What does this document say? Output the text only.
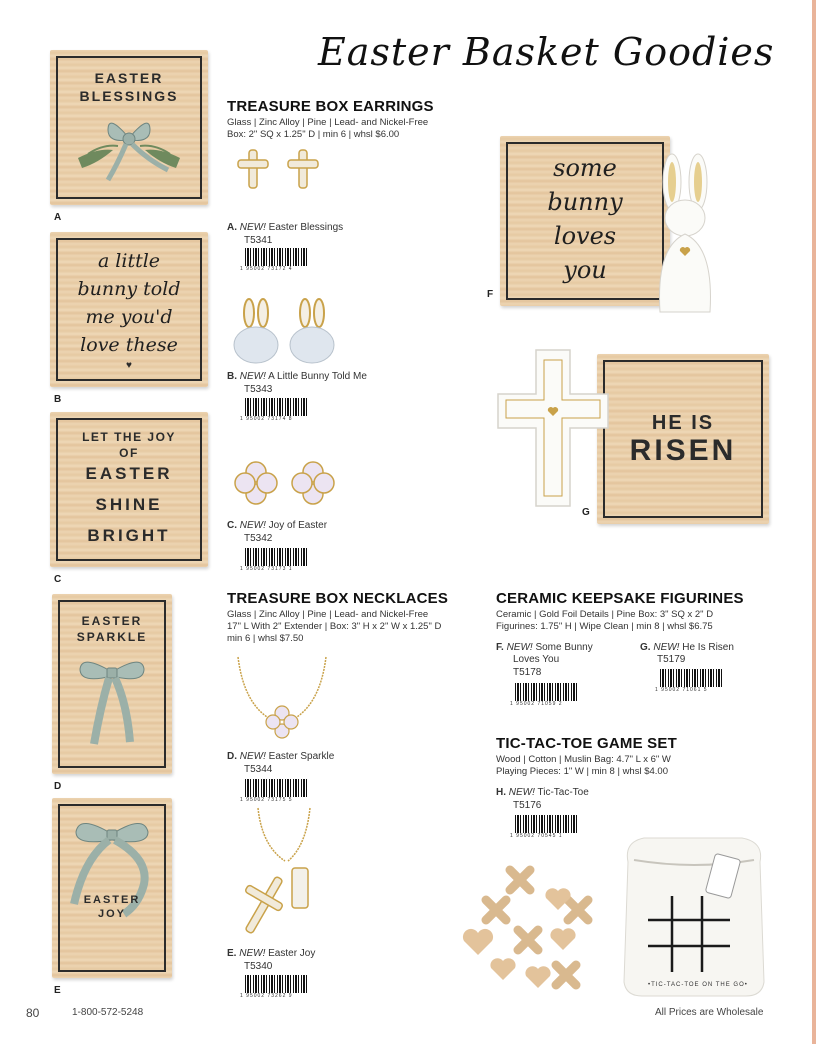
Easter Basket Goodies
EASTER
BLESSINGS
A
a little
bunny told
me you'd
love these
♥
B
LET THE JOY
OF
EASTER
SHINE
BRIGHT
C
EASTER
SPARKLE
D
EASTER
JOY
E
TREASURE BOX EARRINGS
Glass | Zinc Alloy | Pine | Lead- and Nickel-Free
Box: 2" SQ x 1.25" D | min 6 | whsl $6.00
A. NEW! Easter Blessings
T5341
1 95002 73172 4
B. NEW! A Little Bunny Told Me
T5343
1 95002 73174 8
C. NEW! Joy of Easter
T5342
1 95002 73173 1
TREASURE BOX NECKLACES
Glass | Zinc Alloy | Pine | Lead- and Nickel-Free
17" L With 2" Extender | Box: 3" H x 2" W x 1.25" D
min 6 | whsl $7.50
D. NEW! Easter Sparkle
T5344
1 95002 73175 5
E. NEW! Easter Joy
T5340
1 95002 73262 9
some
bunny
loves
you
F
HE IS
RISEN
G
CERAMIC KEEPSAKE FIGURINES
Ceramic | Gold Foil Details | Pine Box: 3" SQ x 2" D
Figurines: 1.75" H | Wipe Clean | min 8 | whsl $6.75
F. NEW! Some Bunny
Loves You
T5178
1 95002 71059 2
G. NEW! He Is Risen
T5179
1 95002 71061 5
TIC-TAC-TOE GAME SET
Wood | Cotton | Muslin Bag: 4.7" L x 6" W
Playing Pieces: 1" W | min 8 | whsl $4.00
H. NEW! Tic-Tac-Toe
T5176
1 95002 70545 1
•TIC-TAC-TOE ON THE GO•
80	1-800-572-5248	All Prices are Wholesale
